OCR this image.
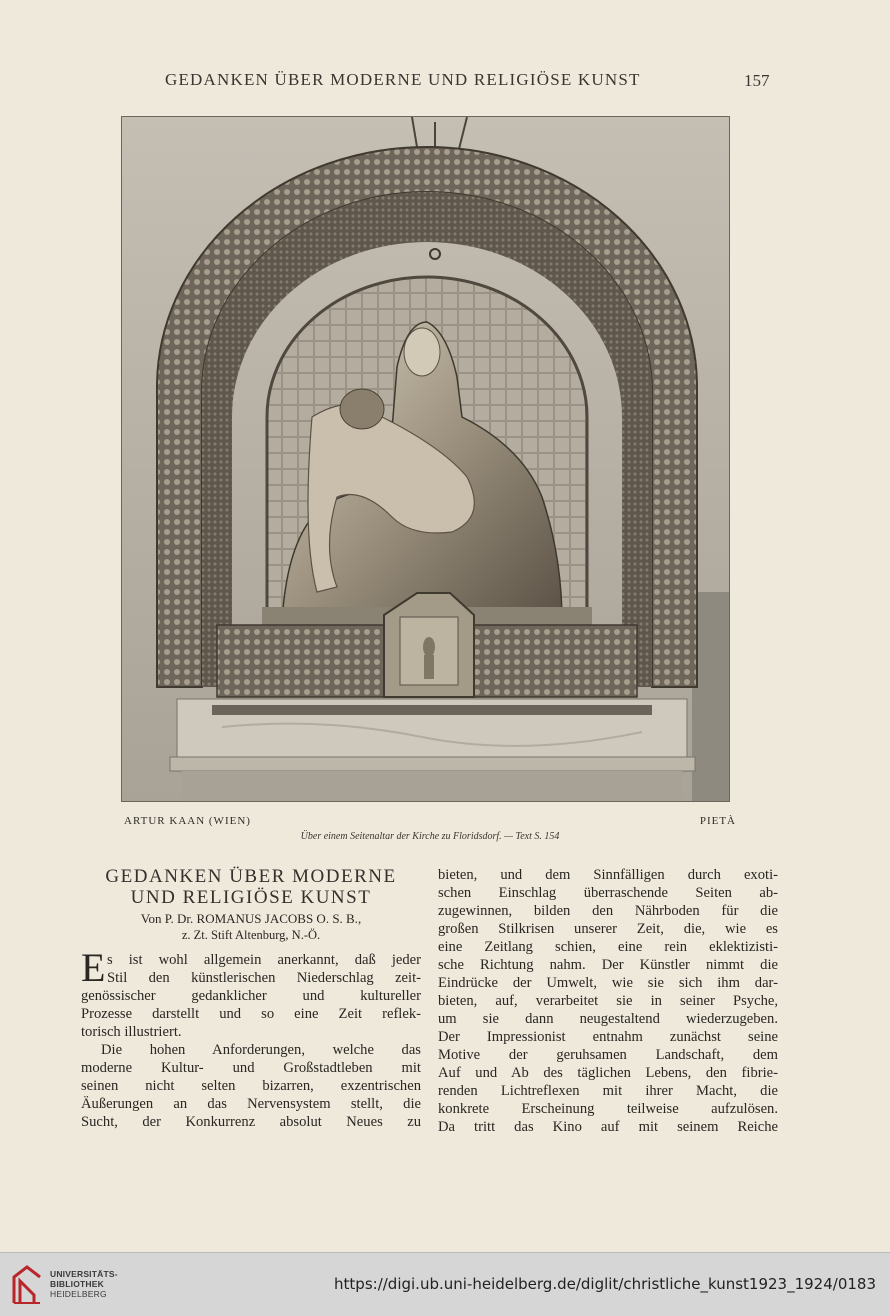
GEDANKEN ÜBER MODERNE UND RELIGIÖSE KUNST	157
ARTUR KAAN (WIEN)	PIETÀ
Über einem Seitenaltar der Kirche zu Floridsdorf. — Text S. 154
GEDANKEN ÜBER MODERNE
UND RELIGIÖSE KUNST
Von P. Dr. ROMANUS JACOBS O. S. B.,
z. Zt. Stift Altenburg, N.-Ö.
E s ist wohl allgemein anerkannt, daß jeder
Stil den künstlerischen Niederschlag zeit-
genössischer gedanklicher und kultureller
Prozesse darstellt und so eine Zeit reflek-
torisch illustriert.
Die hohen Anforderungen, welche das
moderne Kultur- und Großstadtleben mit
seinen nicht selten bizarren, exzentrischen
Äußerungen an das Nervensystem stellt, die
Sucht, der Konkurrenz absolut Neues zu
bieten, und dem Sinnfälligen durch exoti-
schen Einschlag überraschende Seiten ab-
zugewinnen, bilden den Nährboden für die
großen Stilkrisen unserer Zeit, die, wie es
eine Zeitlang schien, eine rein eklektizisti-
sche Richtung nahm. Der Künstler nimmt die
Eindrücke der Umwelt, wie sie sich ihm dar-
bieten, auf, verarbeitet sie in seiner Psyche,
um sie dann neugestaltend wiederzugeben.
Der Impressionist entnahm zunächst seine
Motive der geruhsamen Landschaft, dem
Auf und Ab des täglichen Lebens, den fibrie-
renden Lichtreflexen mit ihrer Macht, die
konkrete Erscheinung teilweise aufzulösen.
Da tritt das Kino auf mit seinem Reiche
UNIVERSITÄTS-
BIBLIOTHEK
HEIDELBERG
https://digi.ub.uni-heidelberg.de/diglit/christliche_kunst1923_1924/0183
